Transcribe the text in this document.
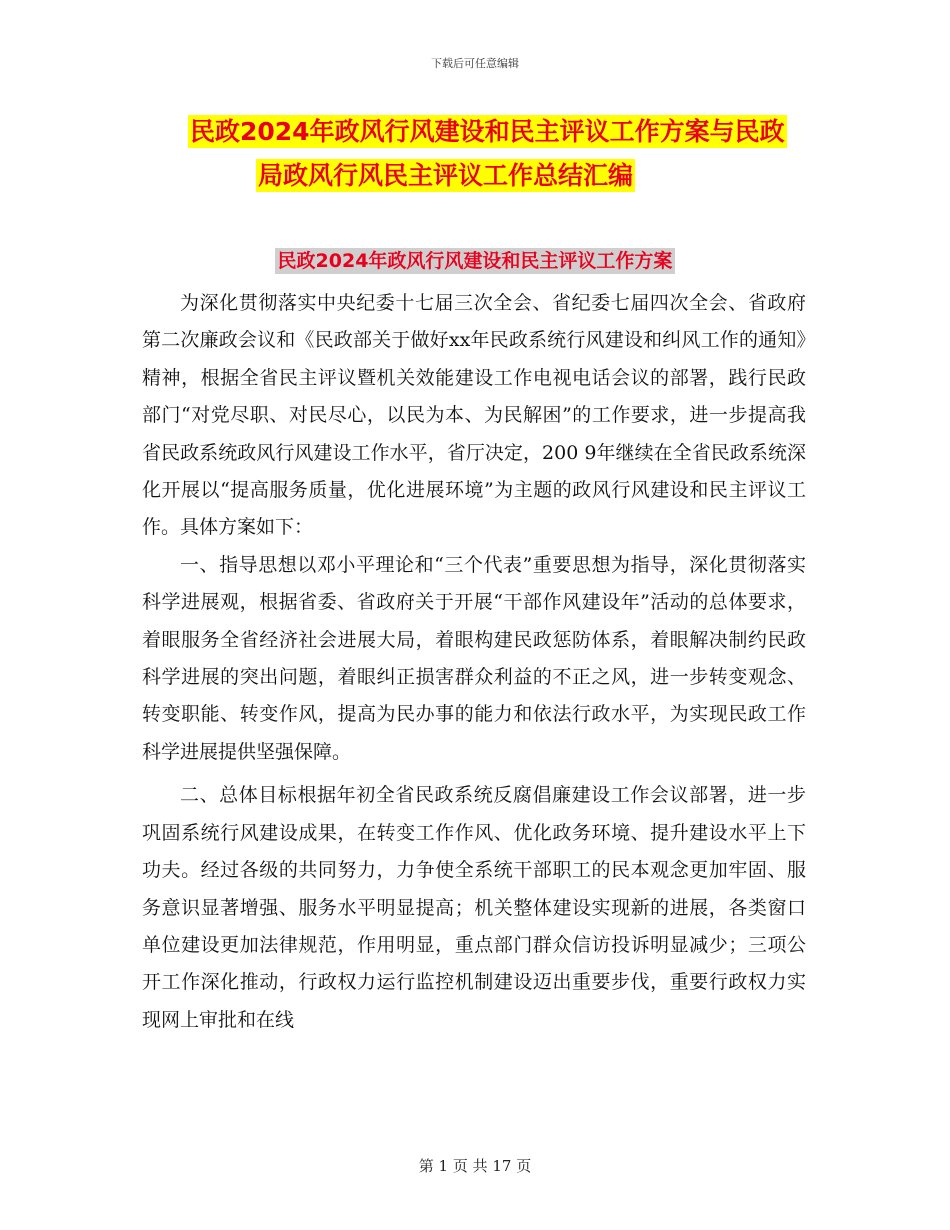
下载后可任意编辑
民政2024年政风行风建设和民主评议工作方案与民政
局政风行风民主评议工作总结汇编
民政2024年政风行风建设和民主评议工作方案

为深化贯彻落实中央纪委十七届三次全会、省纪委七届四次全会、省政府第二次廉政会议和《民政部关于做好xx年民政系统行风建设和纠风工作的通知》精神，根据全省民主评议暨机关效能建设工作电视电话会议的部署，践行民政部门“对党尽职、对民尽心，以民为本、为民解困”的工作要求，进一步提高我省民政系统政风行风建设工作水平，省厅决定，200 9年继续在全省民政系统深化开展以“提高服务质量，优化进展环境”为主题的政风行风建设和民主评议工作。具体方案如下：

一、指导思想以邓小平理论和“三个代表”重要思想为指导，深化贯彻落实科学进展观，根据省委、省政府关于开展“干部作风建设年”活动的总体要求，着眼服务全省经济社会进展大局，着眼构建民政惩防体系，着眼解决制约民政科学进展的突出问题，着眼纠正损害群众利益的不正之风，进一步转变观念、转变职能、转变作风，提高为民办事的能力和依法行政水平，为实现民政工作科学进展提供坚强保障。

二、总体目标根据年初全省民政系统反腐倡廉建设工作会议部署，进一步巩固系统行风建设成果，在转变工作作风、优化政务环境、提升建设水平上下功夫。经过各级的共同努力，力争使全系统干部职工的民本观念更加牢固、服务意识显著增强、服务水平明显提高；机关整体建设实现新的进展，各类窗口单位建设更加法律规范，作用明显，重点部门群众信访投诉明显减少；三项公开工作深化推动，行政权力运行监控机制建设迈出重要步伐，重要行政权力实现网上审批和在线

第 1 页 共 17 页
